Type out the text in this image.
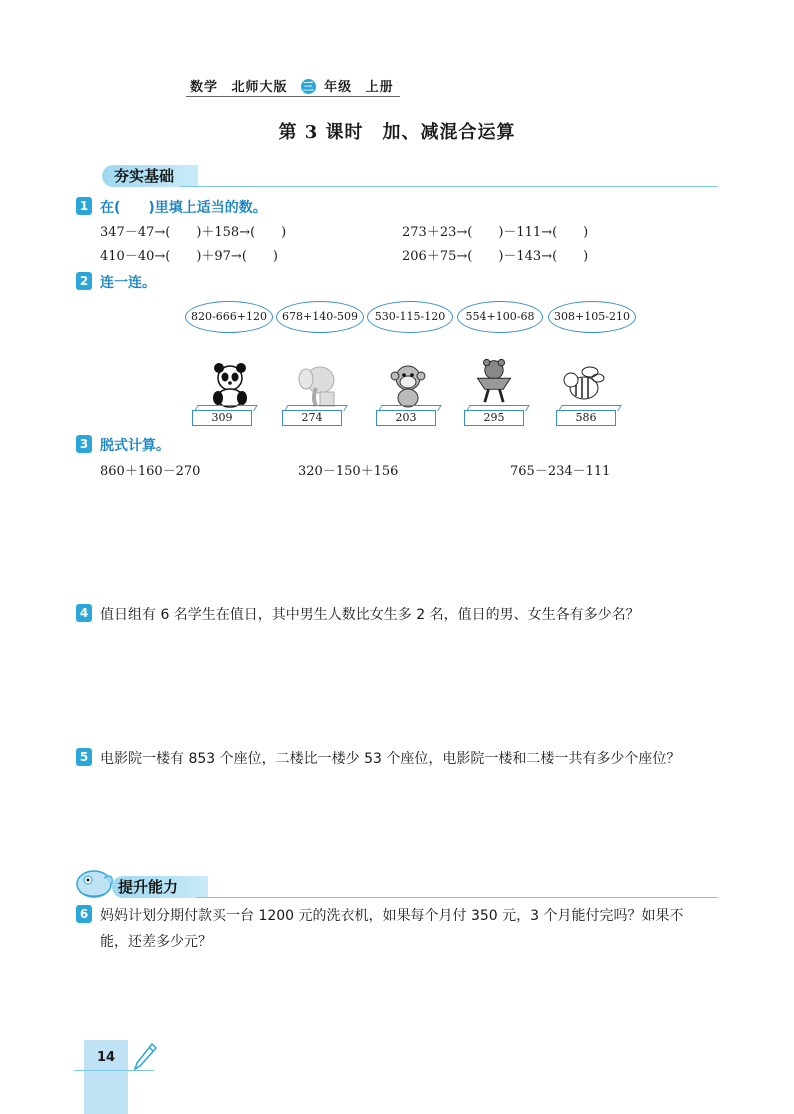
数学 北师大版 三 年级 上册
第 3 课时　加、减混合运算
夯实基础
1 在(　　)里填上适当的数。
347－47→(　　)＋158→(　　)	273＋23→(　　)－111→(　　)
410－40→(　　)＋97→(　　)	206＋75→(　　)－143→(　　)
2 连一连。
820-666+120	678+140-509	530-115-120	554+100-68	308+105-210
309	274	203	295	586
3 脱式计算。
860＋160－270	320－150＋156	765－234－111
4 值日组有 6 名学生在值日，其中男生人数比女生多 2 名，值日的男、女生各有多少名？
5 电影院一楼有 853 个座位，二楼比一楼少 53 个座位，电影院一楼和二楼一共有多少个座位？
提升能力
6 妈妈计划分期付款买一台 1200 元的洗衣机，如果每个月付 350 元，3 个月能付完吗？如果不
能，还差多少元？
14
